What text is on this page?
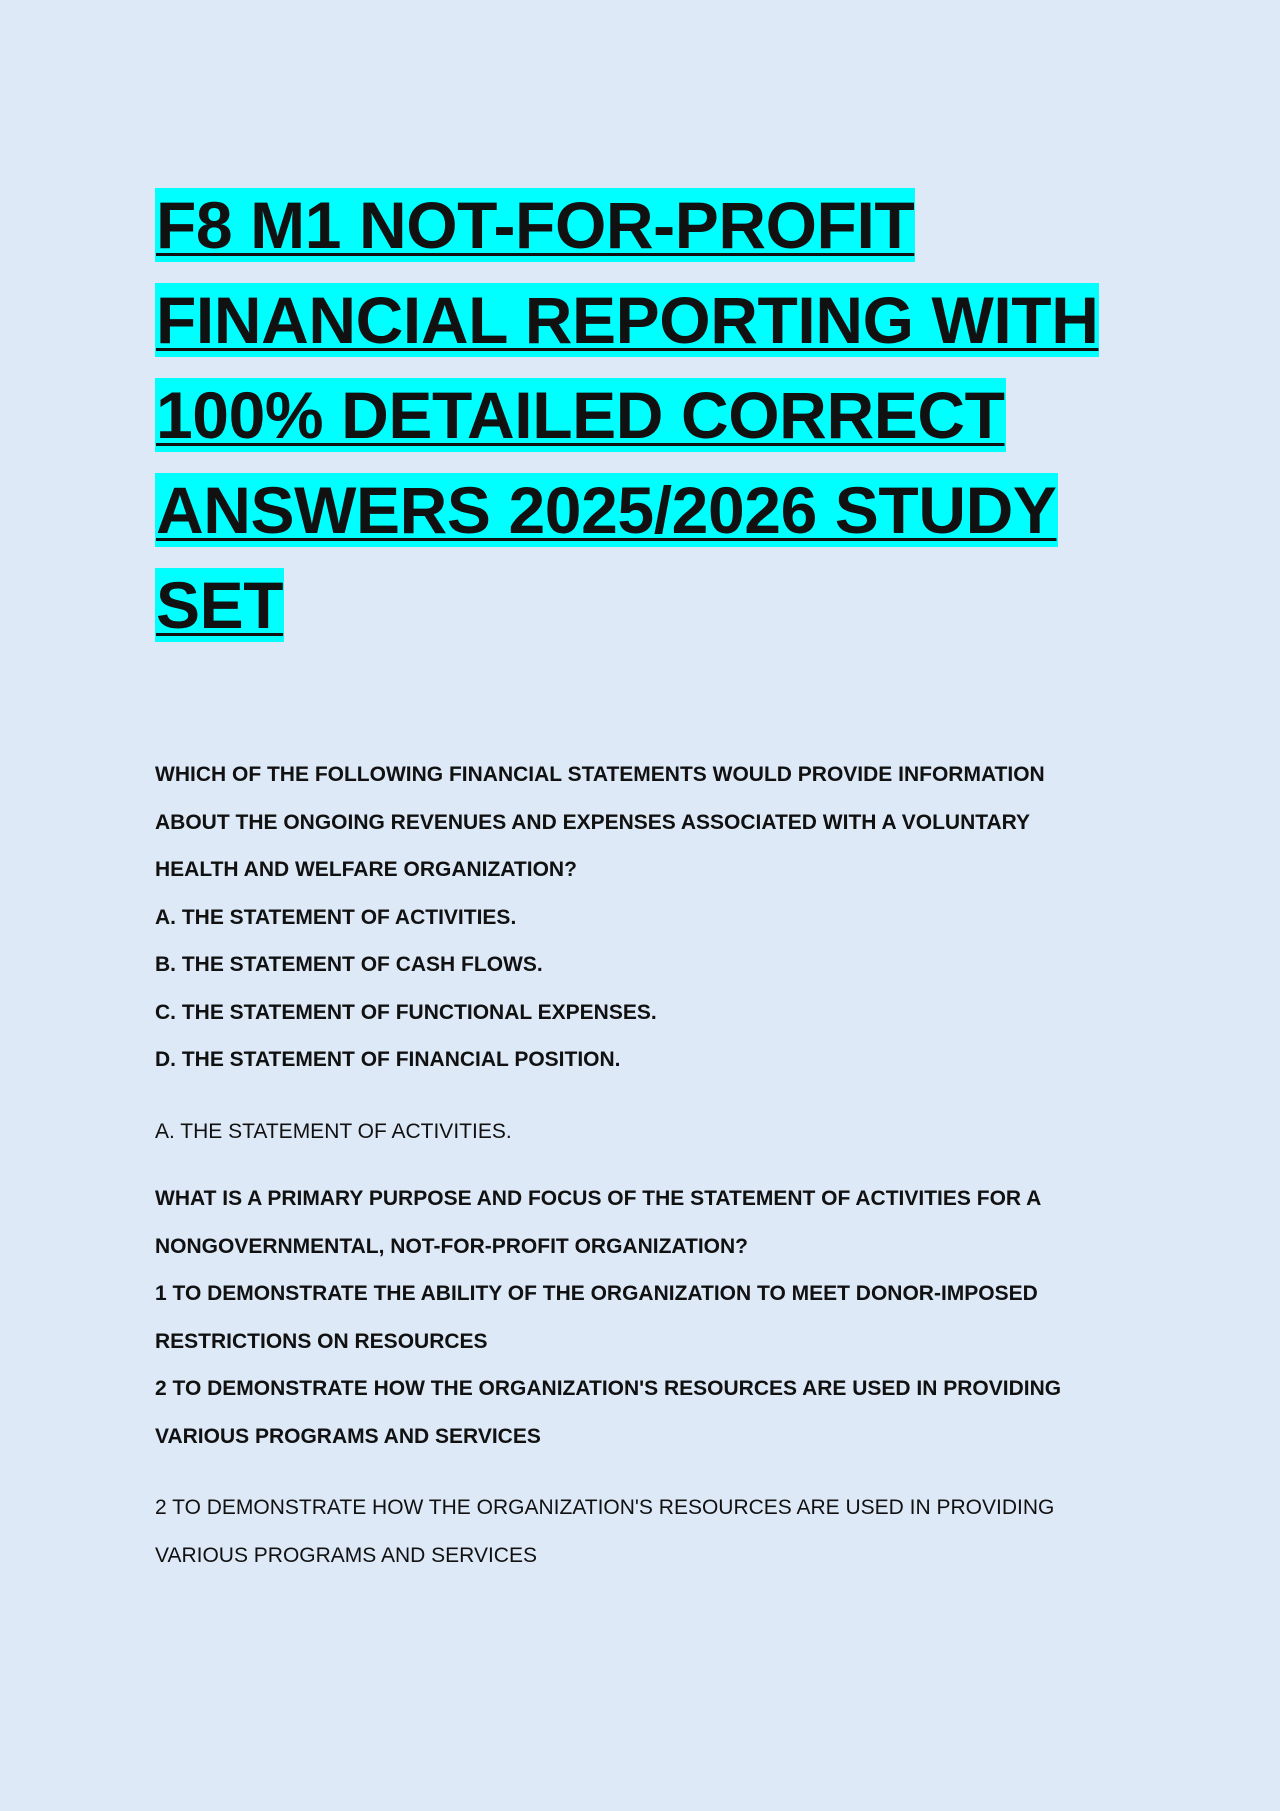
F8 M1 NOT-FOR-PROFIT FINANCIAL REPORTING WITH 100% DETAILED CORRECT ANSWERS 2025/2026 STUDY SET
WHICH OF THE FOLLOWING FINANCIAL STATEMENTS WOULD PROVIDE INFORMATION
ABOUT THE ONGOING REVENUES AND EXPENSES ASSOCIATED WITH A VOLUNTARY
HEALTH AND WELFARE ORGANIZATION?
A. THE STATEMENT OF ACTIVITIES.
B. THE STATEMENT OF CASH FLOWS.
C. THE STATEMENT OF FUNCTIONAL EXPENSES.
D. THE STATEMENT OF FINANCIAL POSITION.
A. THE STATEMENT OF ACTIVITIES.
WHAT IS A PRIMARY PURPOSE AND FOCUS OF THE STATEMENT OF ACTIVITIES FOR A
NONGOVERNMENTAL, NOT-FOR-PROFIT ORGANIZATION?
1 TO DEMONSTRATE THE ABILITY OF THE ORGANIZATION TO MEET DONOR-IMPOSED
RESTRICTIONS ON RESOURCES
2 TO DEMONSTRATE HOW THE ORGANIZATION'S RESOURCES ARE USED IN PROVIDING
VARIOUS PROGRAMS AND SERVICES
2 TO DEMONSTRATE HOW THE ORGANIZATION'S RESOURCES ARE USED IN PROVIDING
VARIOUS PROGRAMS AND SERVICES
